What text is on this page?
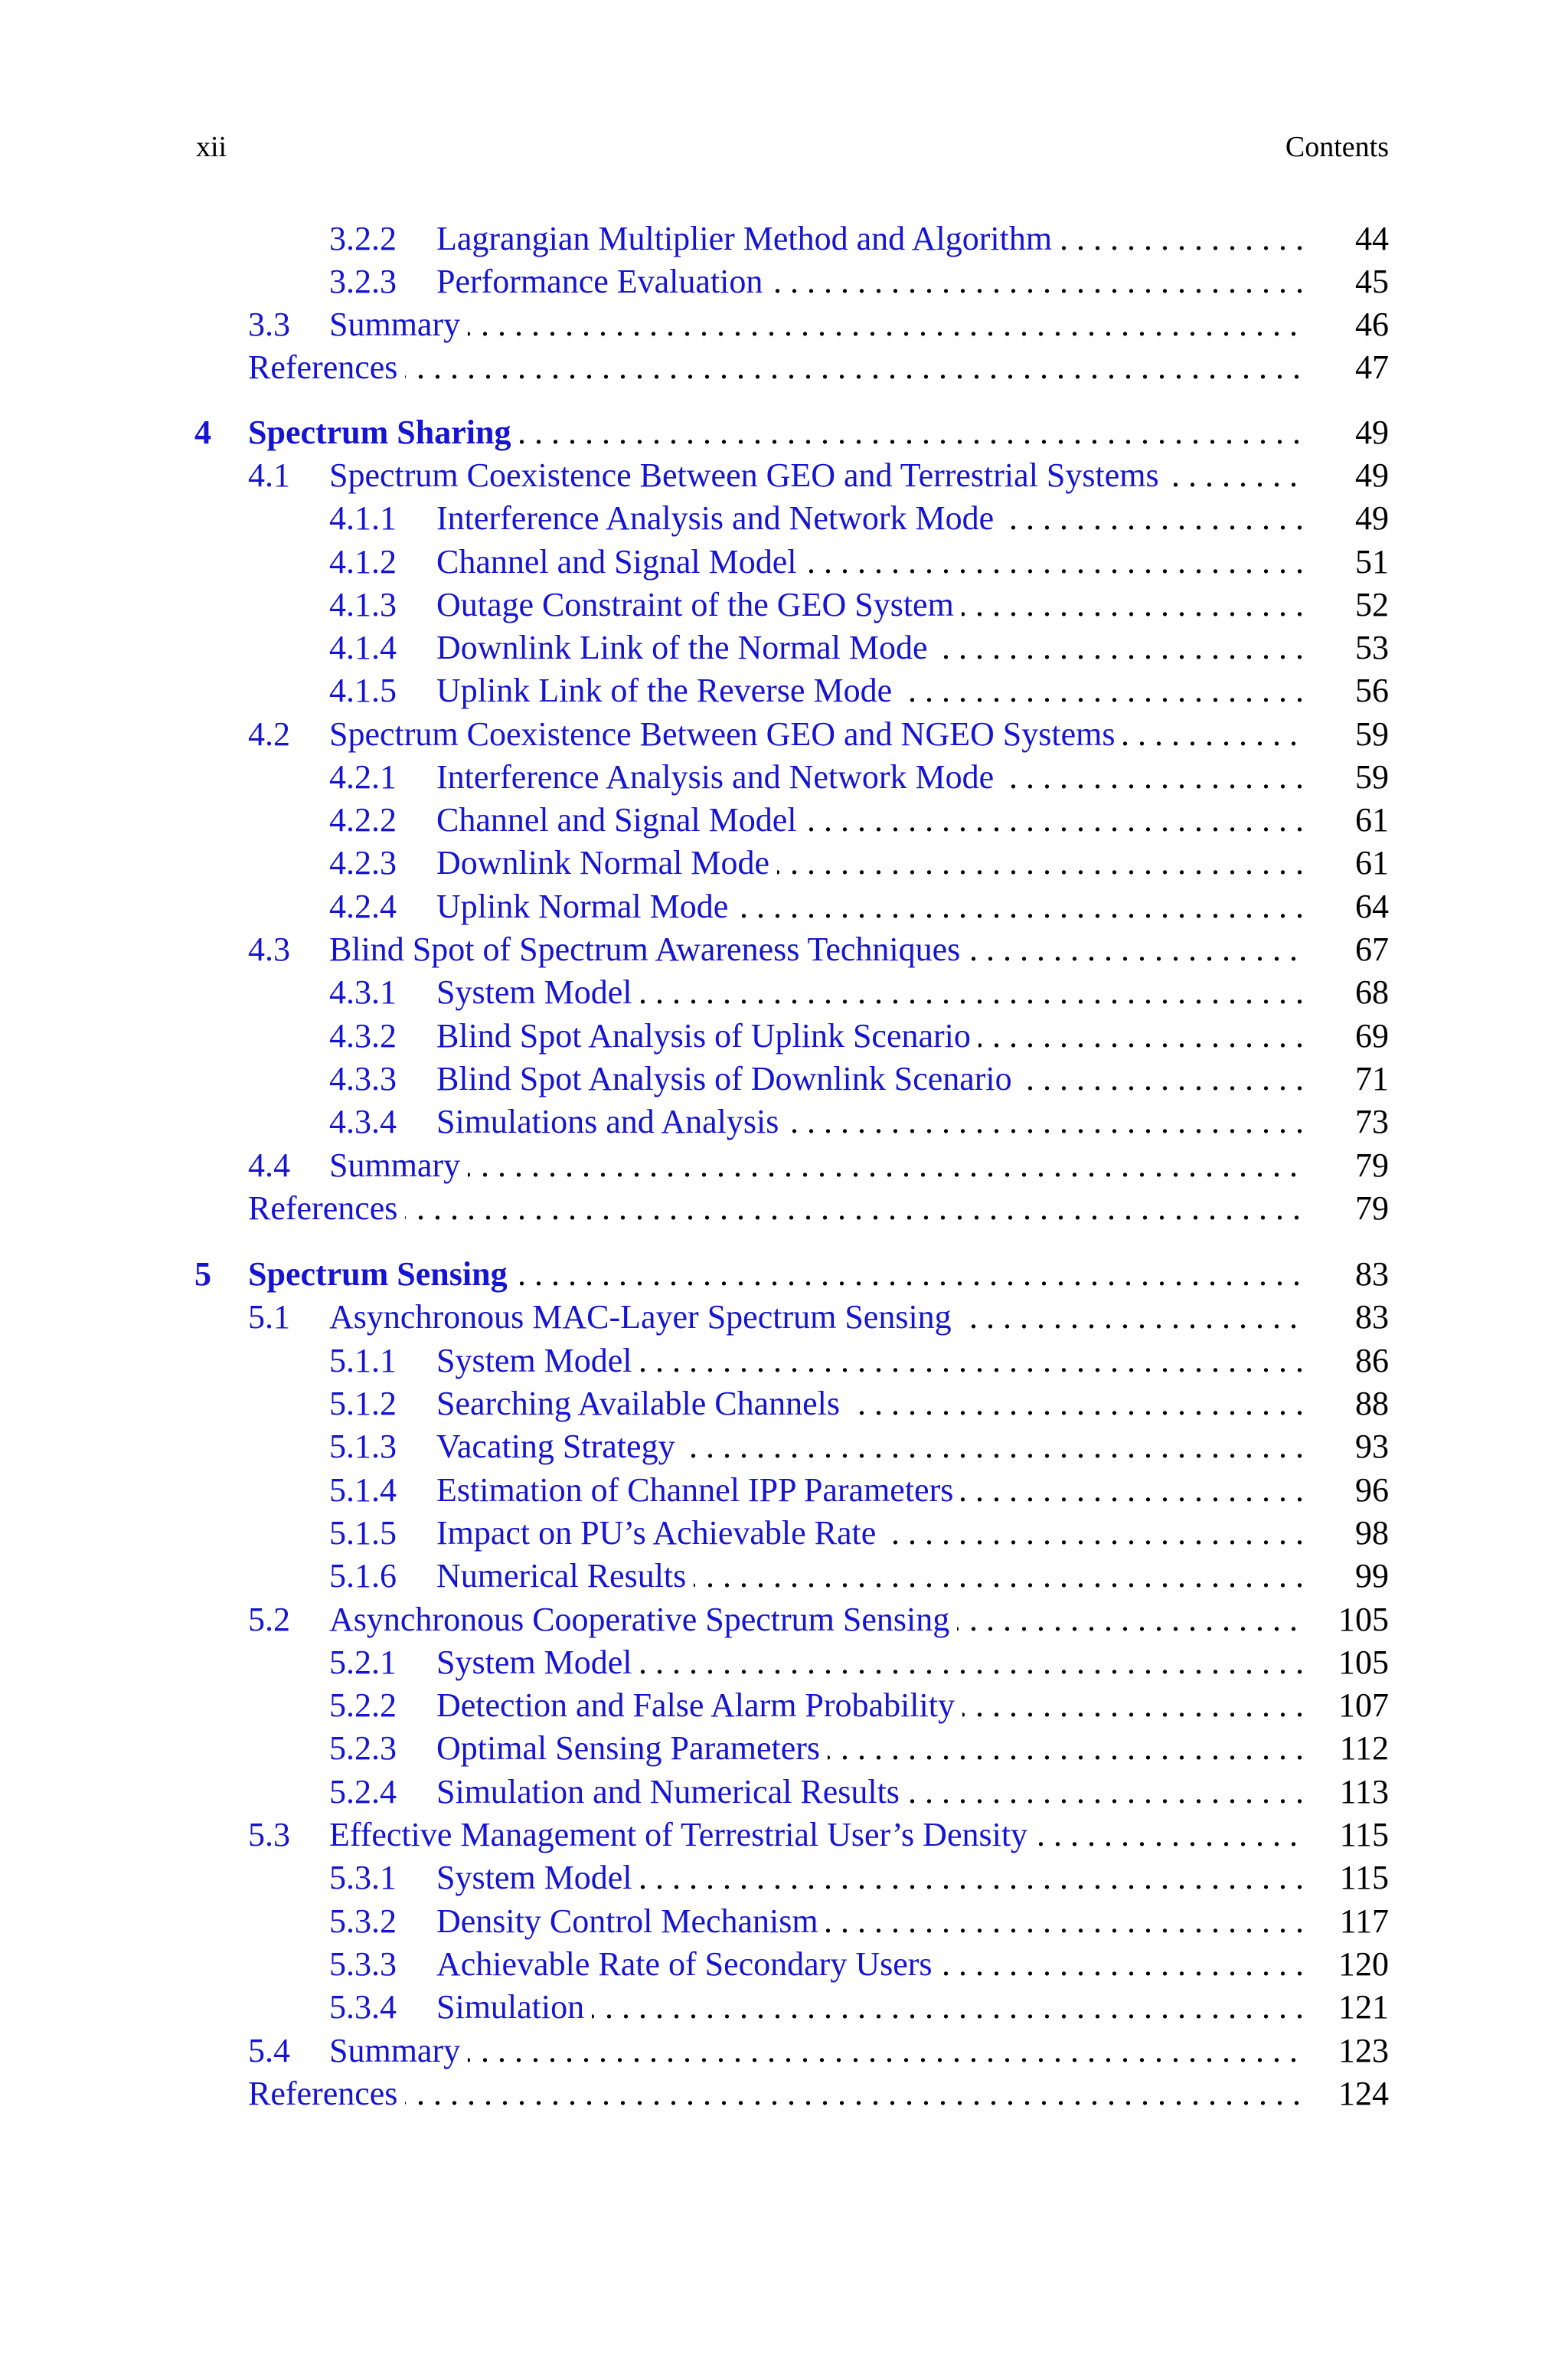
xii	Contents
3.2.2 Lagrangian Multiplier Method and Algorithm . . .	44
3.2.3 Performance Evaluation . . .	45
3.3 Summary . . .	46
References . . .	47
4 Spectrum Sharing . . .	49
4.1 Spectrum Coexistence Between GEO and Terrestrial Systems . . .	49
4.1.1 Interference Analysis and Network Mode . . .	49
4.1.2 Channel and Signal Model . . .	51
4.1.3 Outage Constraint of the GEO System . . .	52
4.1.4 Downlink Link of the Normal Mode . . .	53
4.1.5 Uplink Link of the Reverse Mode . . .	56
4.2 Spectrum Coexistence Between GEO and NGEO Systems . . .	59
4.2.1 Interference Analysis and Network Mode . . .	59
4.2.2 Channel and Signal Model . . .	61
4.2.3 Downlink Normal Mode . . .	61
4.2.4 Uplink Normal Mode . . .	64
4.3 Blind Spot of Spectrum Awareness Techniques . . .	67
4.3.1 System Model . . .	68
4.3.2 Blind Spot Analysis of Uplink Scenario . . .	69
4.3.3 Blind Spot Analysis of Downlink Scenario . . .	71
4.3.4 Simulations and Analysis . . .	73
4.4 Summary . . .	79
References . . .	79
5 Spectrum Sensing . . .	83
5.1 Asynchronous MAC-Layer Spectrum Sensing . . .	83
5.1.1 System Model . . .	86
5.1.2 Searching Available Channels . . .	88
5.1.3 Vacating Strategy . . .	93
5.1.4 Estimation of Channel IPP Parameters . . .	96
5.1.5 Impact on PU’s Achievable Rate . . .	98
5.1.6 Numerical Results . . .	99
5.2 Asynchronous Cooperative Spectrum Sensing . . .	105
5.2.1 System Model . . .	105
5.2.2 Detection and False Alarm Probability . . .	107
5.2.3 Optimal Sensing Parameters . . .	112
5.2.4 Simulation and Numerical Results . . .	113
5.3 Effective Management of Terrestrial User’s Density . . .	115
5.3.1 System Model . . .	115
5.3.2 Density Control Mechanism . . .	117
5.3.3 Achievable Rate of Secondary Users . . .	120
5.3.4 Simulation . . .	121
5.4 Summary . . .	123
References . . .	124
